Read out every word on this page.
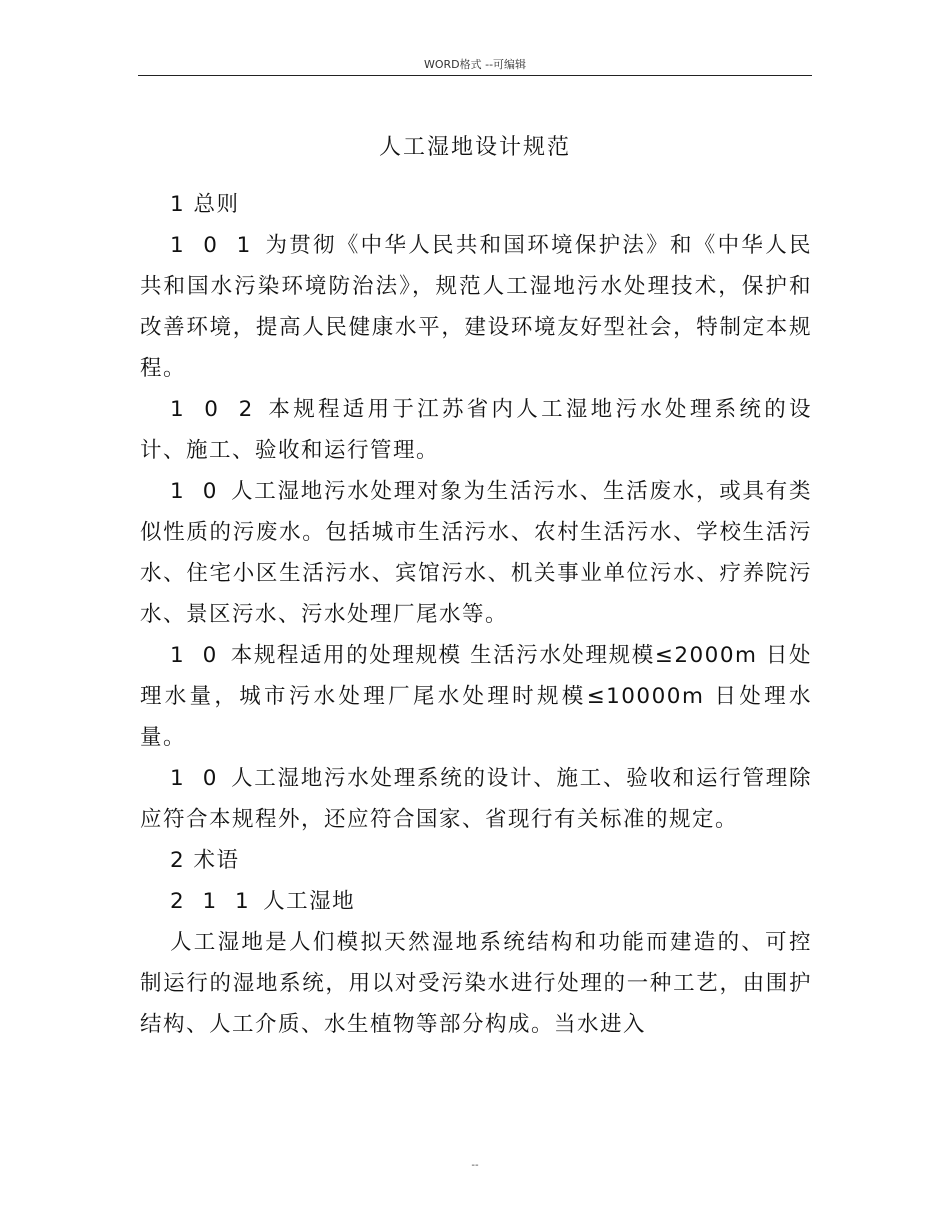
WORD格式 --可编辑
人工湿地设计规范

1 总则

1 0 1 为贯彻《中华人民共和国环境保护法》和《中华人民共和国水污染环境防治法》，规范人工湿地污水处理技术，保护和改善环境，提高人民健康水平，建设环境友好型社会，特制定本规程。

1 0 2 本规程适用于江苏省内人工湿地污水处理系统的设计、施工、验收和运行管理。

1 0 人工湿地污水处理对象为生活污水、生活废水，或具有类似性质的污废水。包括城市生活污水、农村生活污水、学校生活污水、住宅小区生活污水、宾馆污水、机关事业单位污水、疗养院污水、景区污水、污水处理厂尾水等。

1 0 本规程适用的处理规模 生活污水处理规模≤2000m 日处理水量，城市污水处理厂尾水处理时规模≤10000m 日处理水量。

1 0 人工湿地污水处理系统的设计、施工、验收和运行管理除应符合本规程外，还应符合国家、省现行有关标准的规定。

2 术语

2 1 1 人工湿地

人工湿地是人们模拟天然湿地系统结构和功能而建造的、可控制运行的湿地系统，用以对受污染水进行处理的一种工艺，由围护结构、人工介质、水生植物等部分构成。当水进入

--
